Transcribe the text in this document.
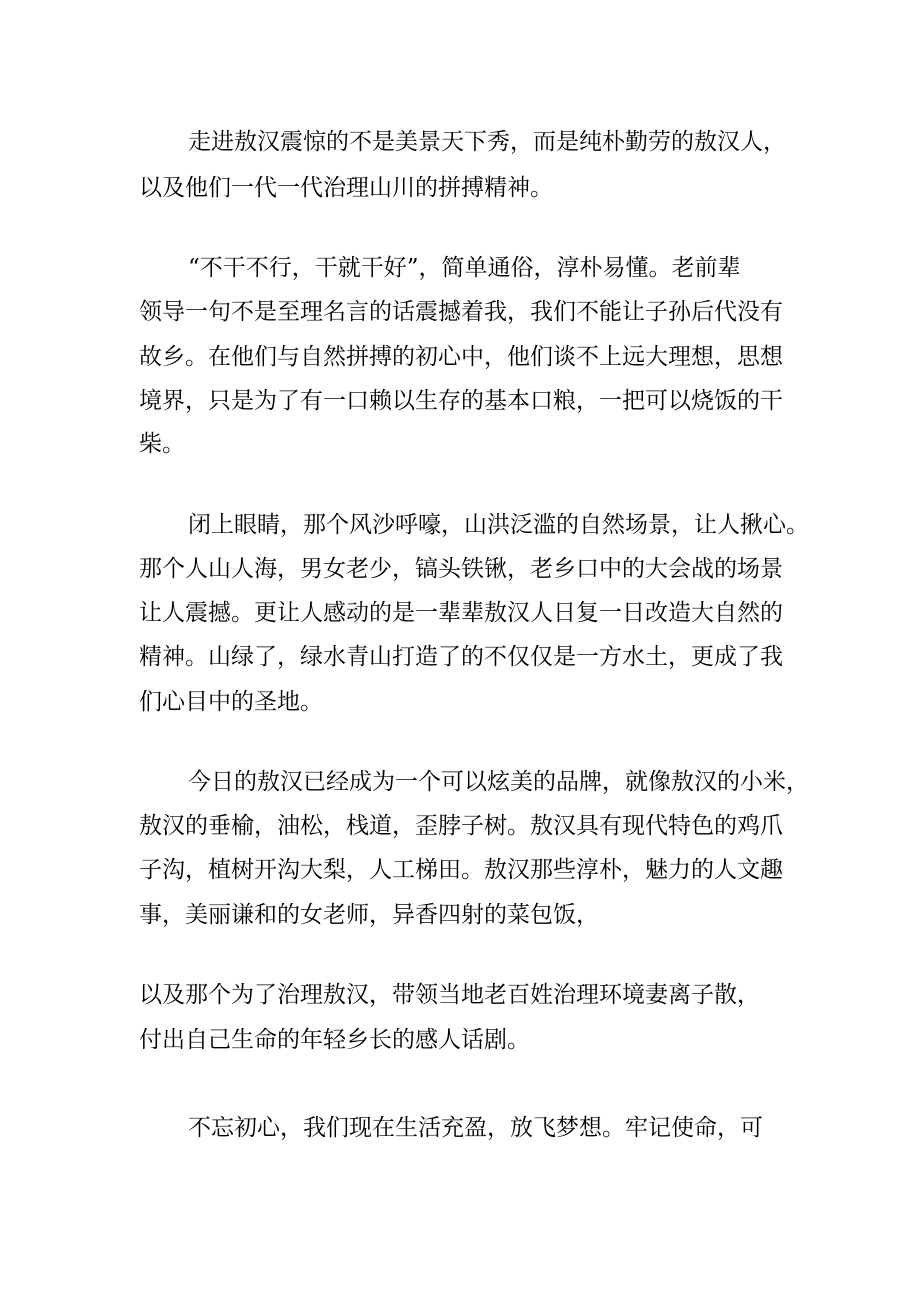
走进敖汉震惊的不是美景天下秀，而是纯朴勤劳的敖汉人，
以及他们一代一代治理山川的拼搏精神。
“不干不行，干就干好”，简单通俗，淳朴易懂。老前辈
领导一句不是至理名言的话震撼着我，我们不能让子孙后代没有
故乡。在他们与自然拼搏的初心中，他们谈不上远大理想，思想
境界，只是为了有一口赖以生存的基本口粮，一把可以烧饭的干
柴。
闭上眼睛，那个风沙呼嚎，山洪泛滥的自然场景，让人揪心。
那个人山人海，男女老少，镐头铁锹，老乡口中的大会战的场景
让人震撼。更让人感动的是一辈辈敖汉人日复一日改造大自然的
精神。山绿了，绿水青山打造了的不仅仅是一方水土，更成了我
们心目中的圣地。
今日的敖汉已经成为一个可以炫美的品牌，就像敖汉的小米，
敖汉的垂榆，油松，栈道，歪脖子树。敖汉具有现代特色的鸡爪
子沟，植树开沟大梨，人工梯田。敖汉那些淳朴，魅力的人文趣
事，美丽谦和的女老师，异香四射的菜包饭，
以及那个为了治理敖汉，带领当地老百姓治理环境妻离子散，
付出自己生命的年轻乡长的感人话剧。
不忘初心，我们现在生活充盈，放飞梦想。牢记使命，可
